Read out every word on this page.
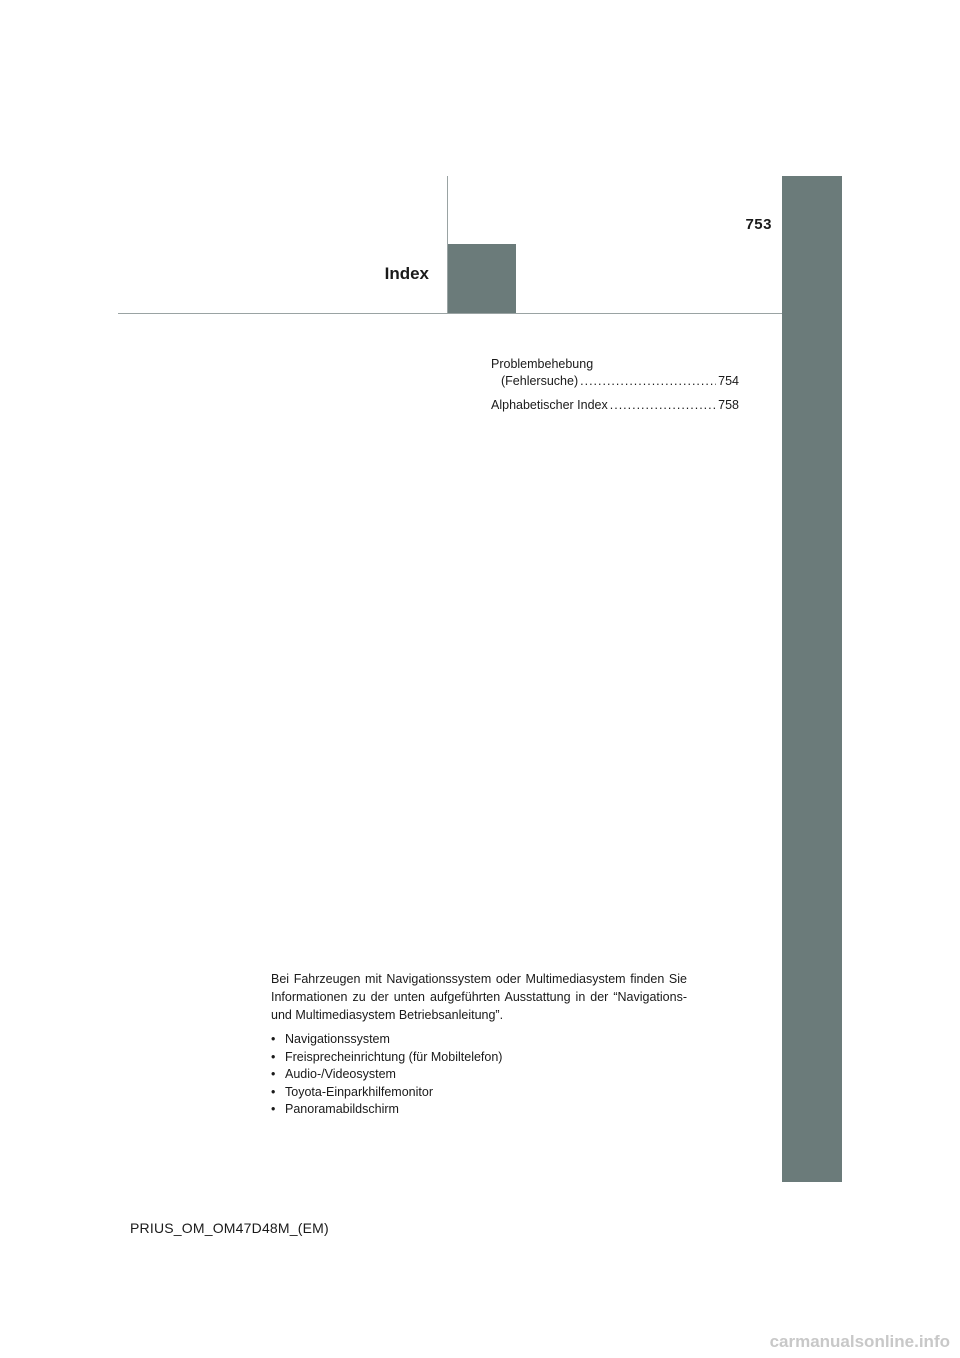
753
Index
Problembehebung
(Fehlersuche) .....	754
Alphabetischer Index .....	758

Bei Fahrzeugen mit Navigationssystem oder Multimediasystem finden Sie Informationen zu der unten aufgeführten Ausstattung in der “Navigations- und Multimediasystem Betriebsanleitung”.

• Navigationssystem
• Freisprecheinrichtung (für Mobiltelefon)
• Audio-/Videosystem
• Toyota-Einparkhilfemonitor
• Panoramabildschirm
PRIUS_OM_OM47D48M_(EM)
carmanualsonline.info
